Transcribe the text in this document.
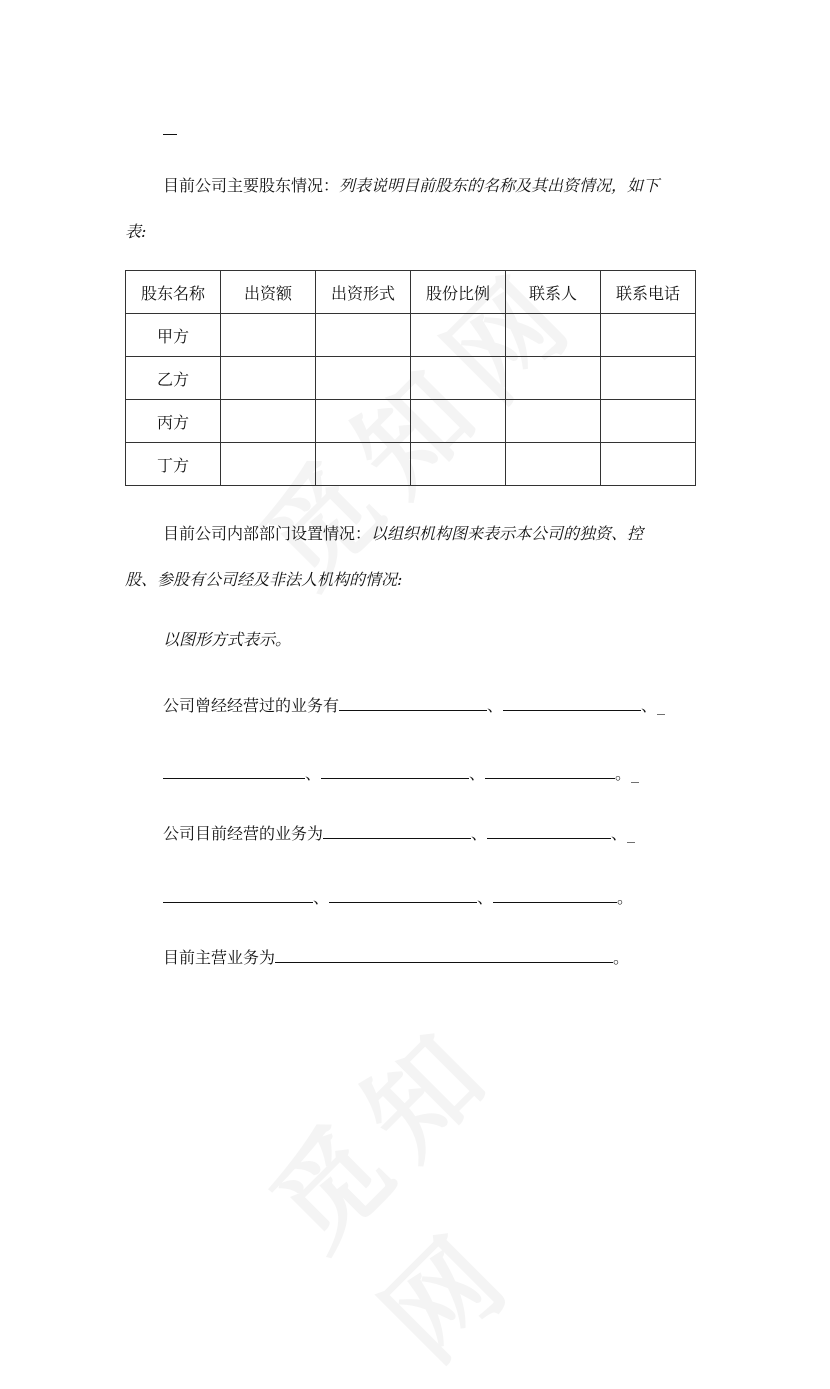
目前公司主要股东情况：列表说明目前股东的名称及其出资情况，如下
表:
股东名称	出资额	出资形式	股份比例	联系人	联系电话
甲方					
乙方					
丙方					
丁方					
目前公司内部部门设置情况：以组织机构图来表示本公司的独资、控
股、参股有公司经及非法人机构的情况:
以图形方式表示。
公司曾经经营过的业务有	、	、_
、	、	。_
公司目前经营的业务为	、	、_
、	、	。
目前主营业务为	。
